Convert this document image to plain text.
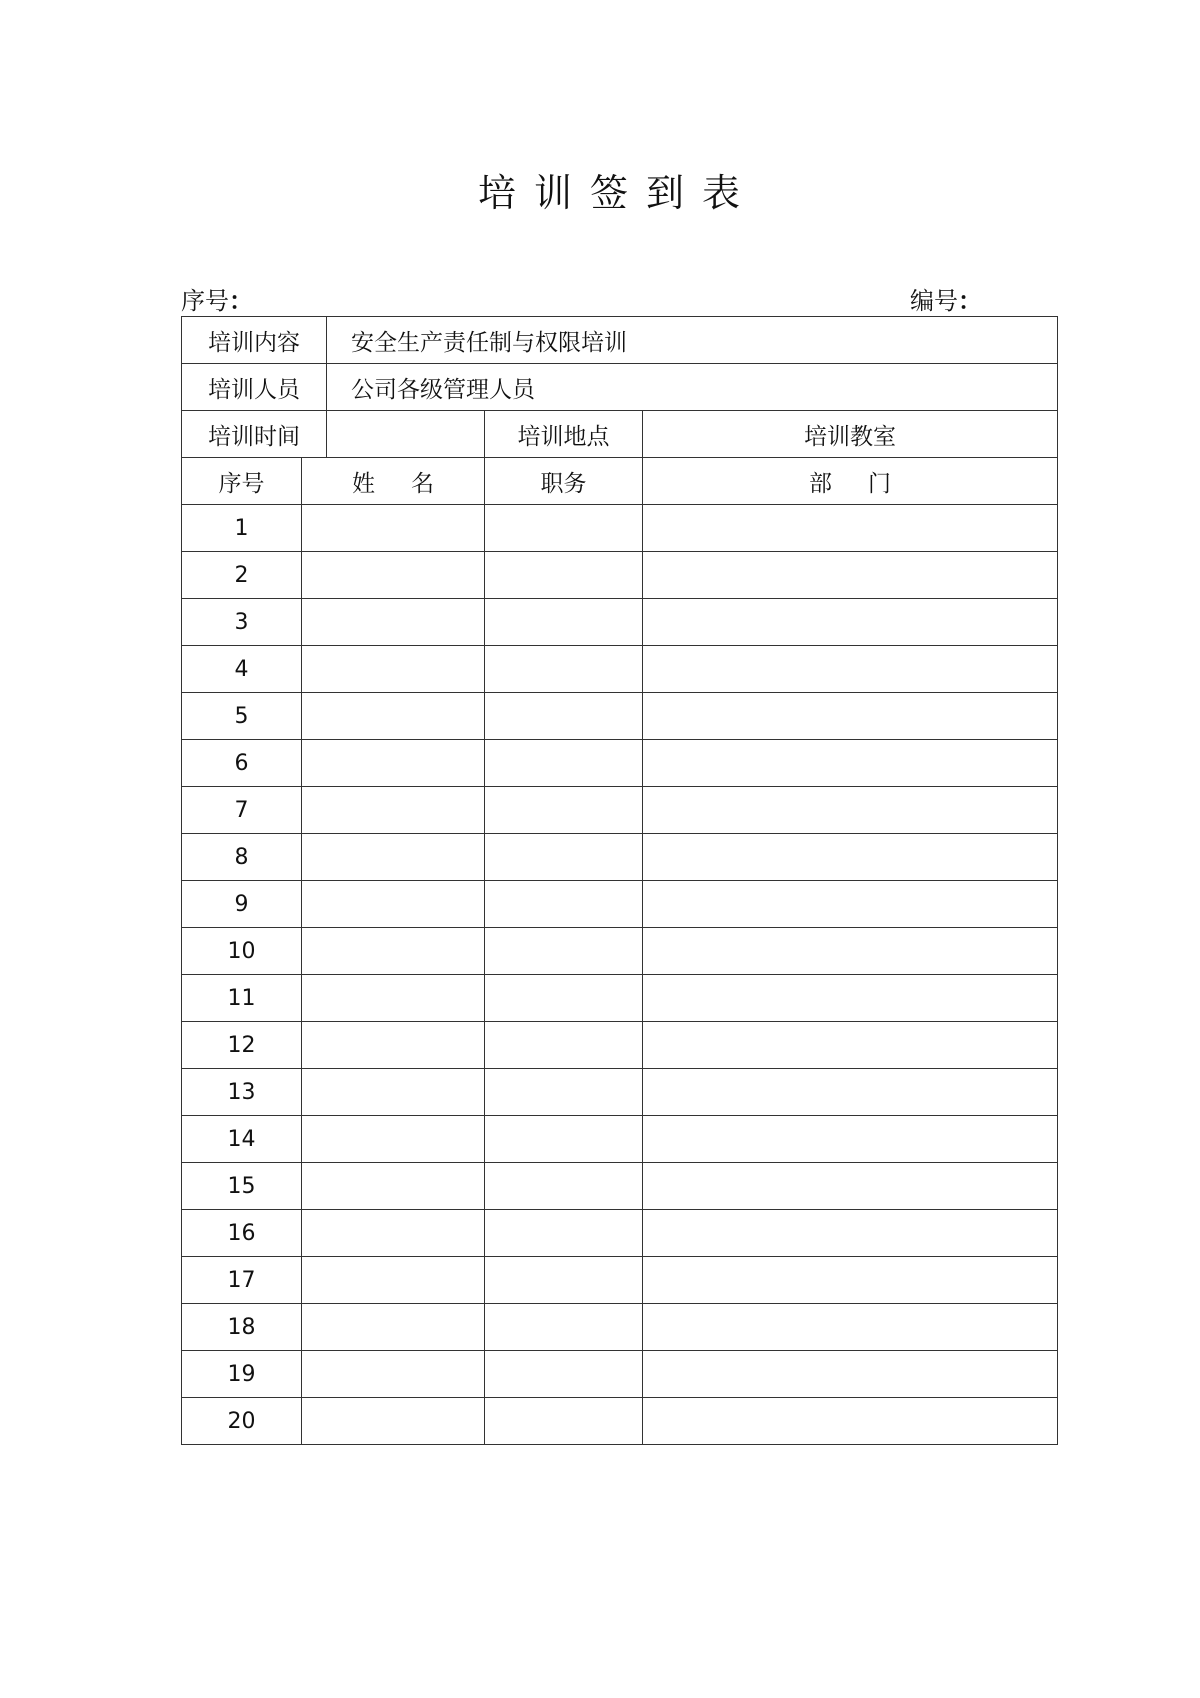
培训签到表
序号：	编号：
培训内容		安全生产责任制与权限培训		
培训人员		公司各级管理人员		
培训时间			培训地点	培训教室
序号	姓名		职务	部门
1				
2				
3				
4				
5				
6				
7				
8				
9				
10				
11				
12				
13				
14				
15				
16				
17				
18				
19				
20				
